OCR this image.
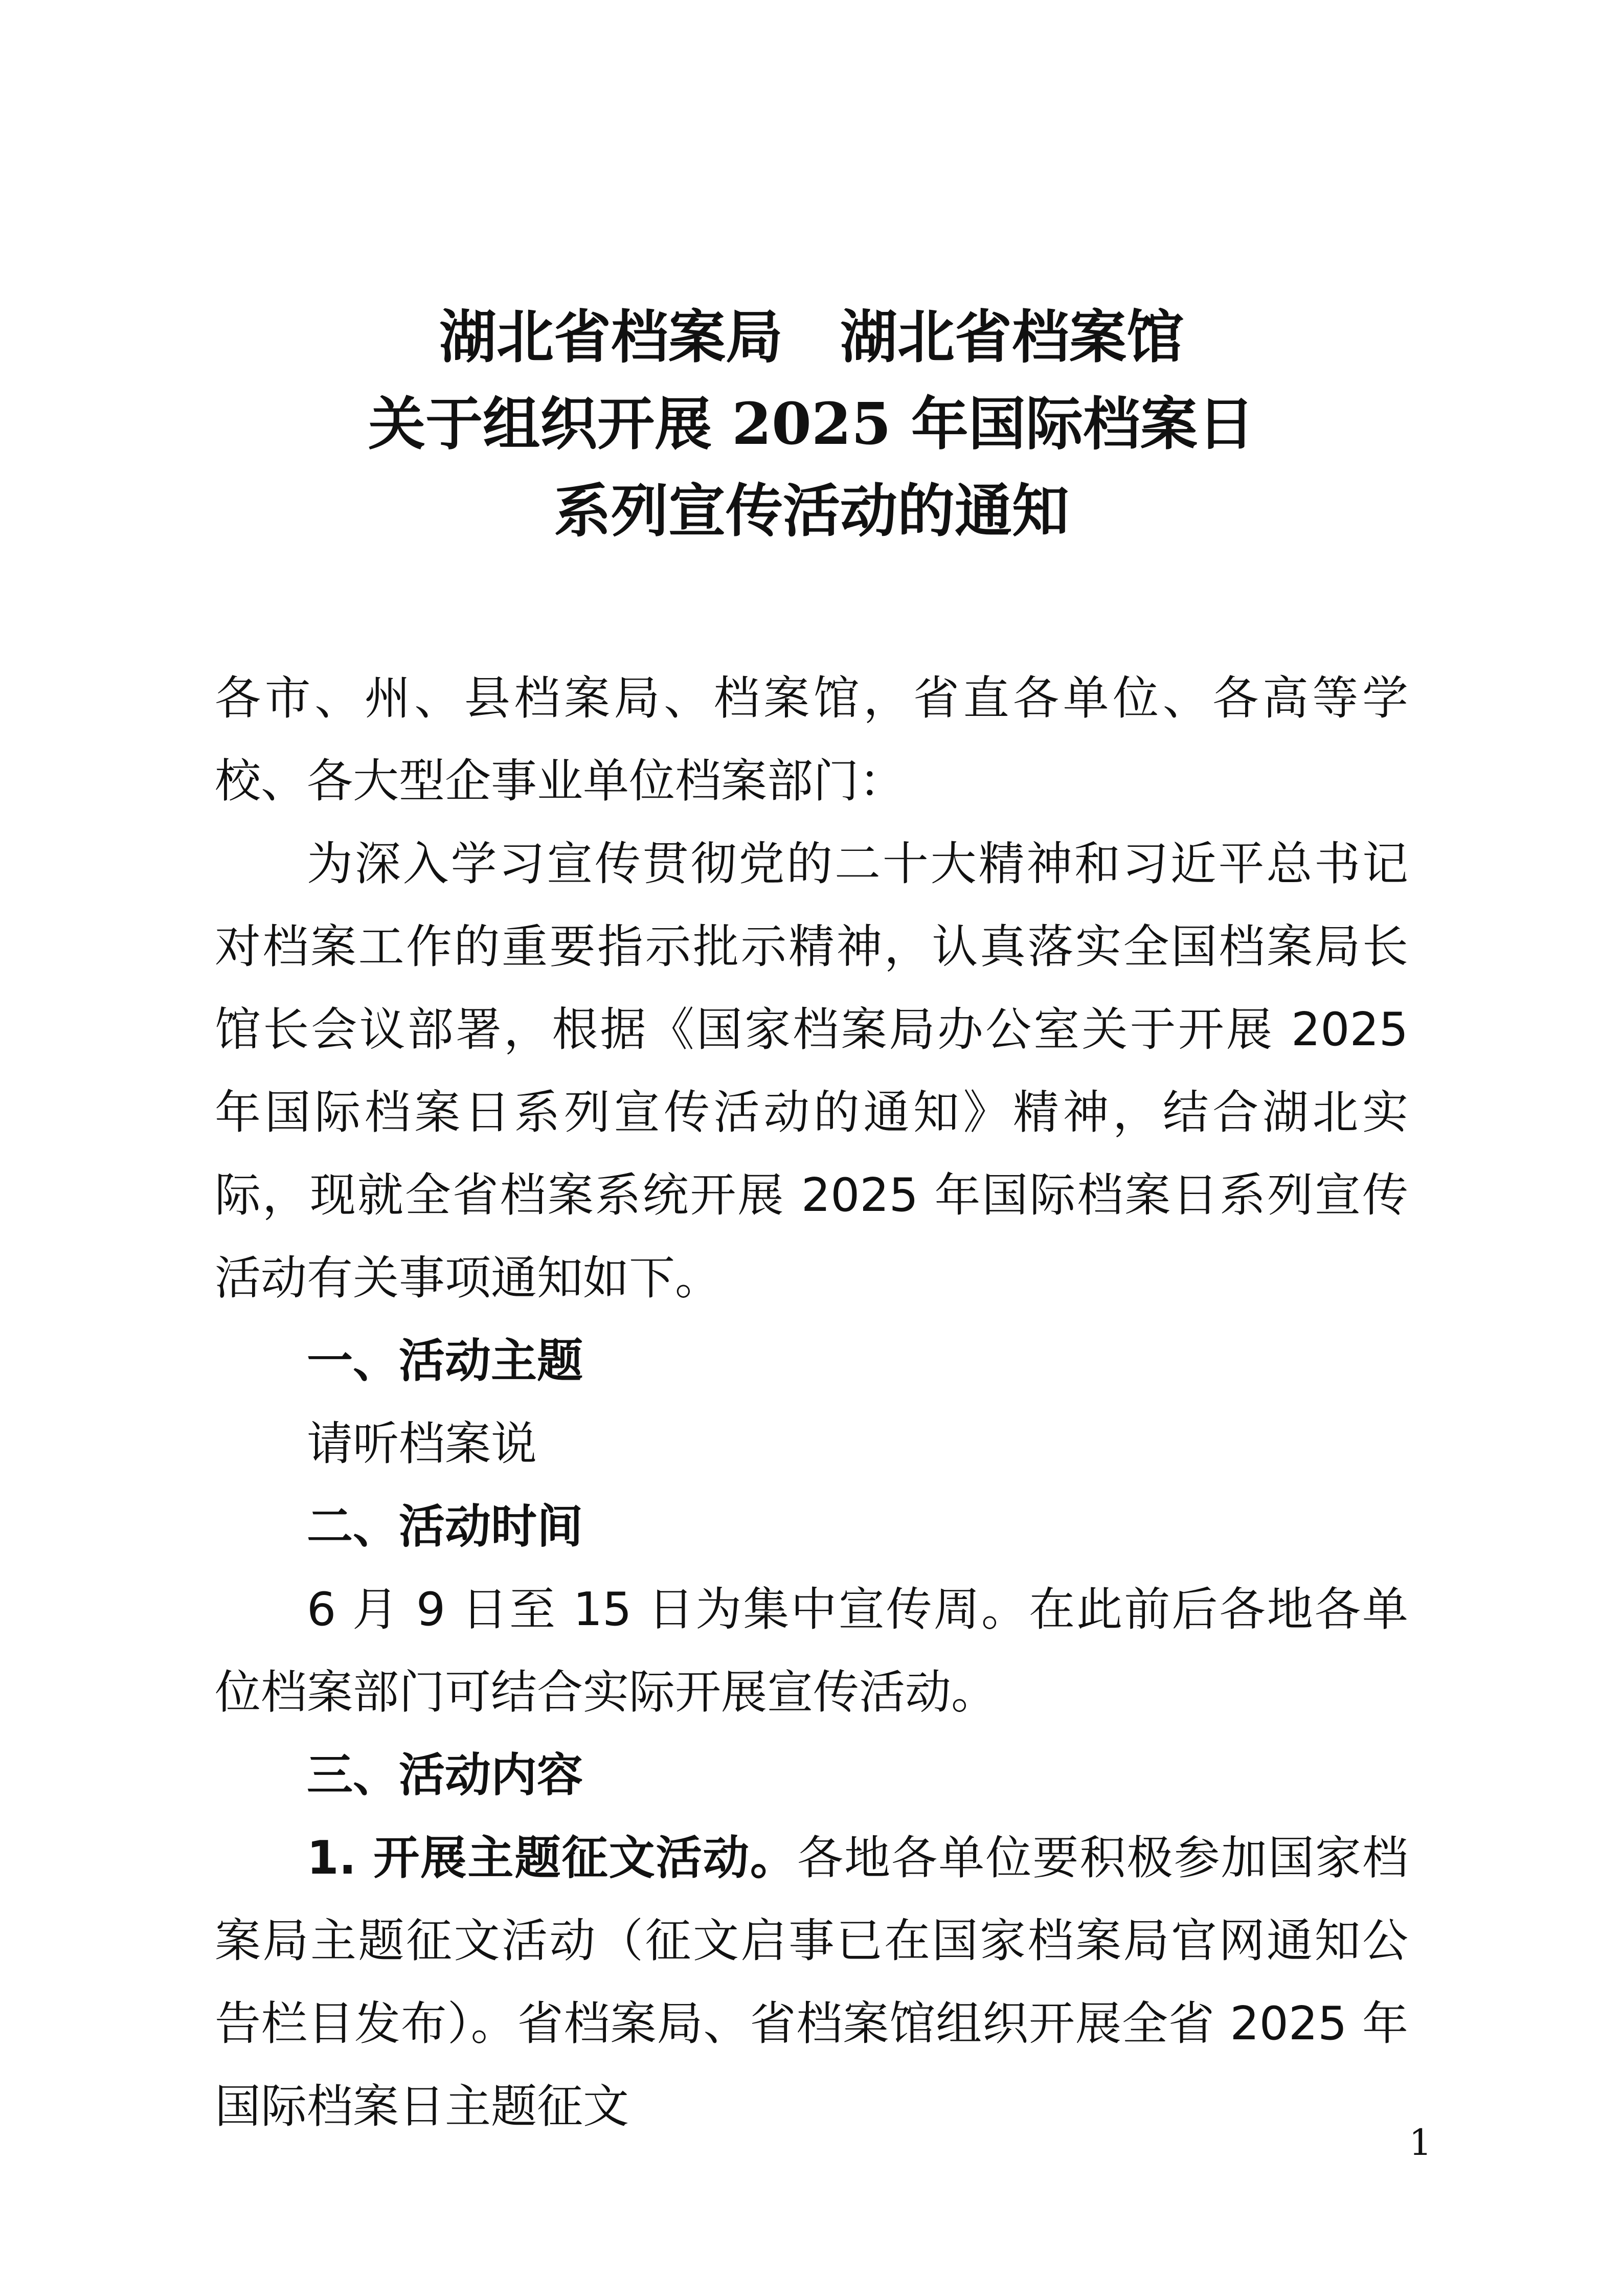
湖北省档案局　湖北省档案馆
关于组织开展 2025 年国际档案日
系列宣传活动的通知

各市、州、县档案局、档案馆，省直各单位、各高等学校、各大型企事业单位档案部门：

为深入学习宣传贯彻党的二十大精神和习近平总书记对档案工作的重要指示批示精神，认真落实全国档案局长馆长会议部署，根据《国家档案局办公室关于开展 2025 年国际档案日系列宣传活动的通知》精神，结合湖北实际，现就全省档案系统开展 2025 年国际档案日系列宣传活动有关事项通知如下。

一、活动主题

请听档案说

二、活动时间

6 月 9 日至 15 日为集中宣传周。在此前后各地各单位档案部门可结合实际开展宣传活动。

三、活动内容

1. 开展主题征文活动。各地各单位要积极参加国家档案局主题征文活动（征文启事已在国家档案局官网通知公告栏目发布）。省档案局、省档案馆组织开展全省 2025 年国际档案日主题征文

1
